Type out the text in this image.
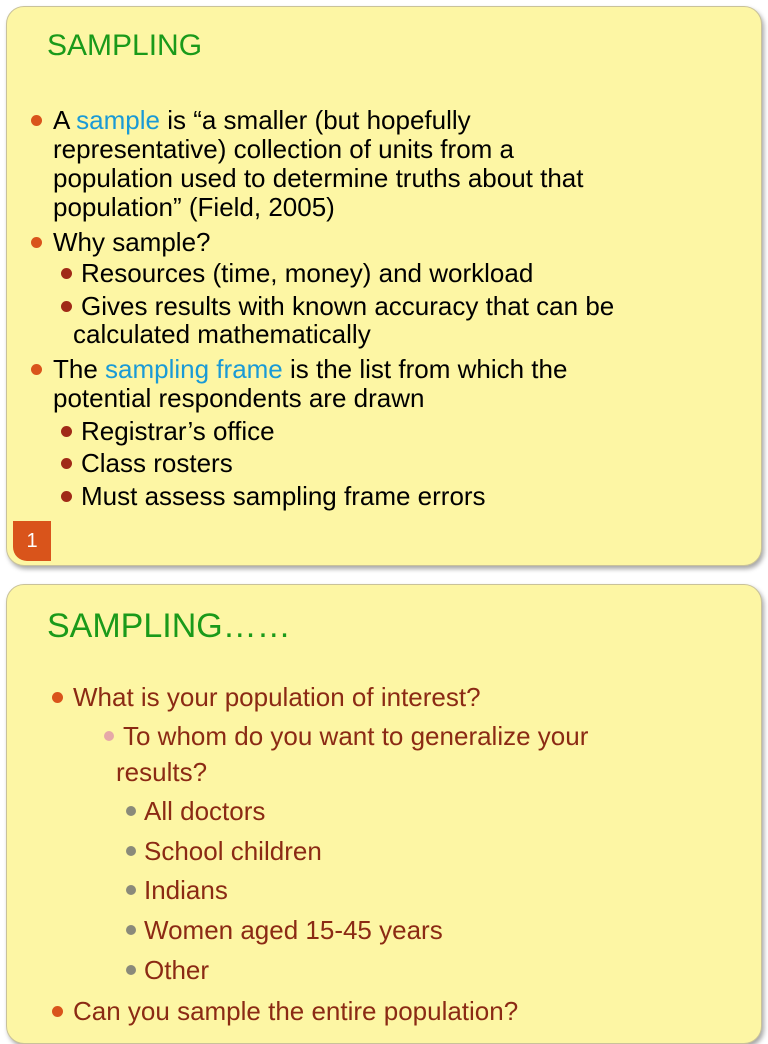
SAMPLING
A sample is “a smaller (but hopefully
representative) collection of units from a
population used to determine truths about that
population” (Field, 2005)
Why sample?
Resources (time, money) and workload
Gives results with known accuracy that can be
calculated mathematically
The sampling frame is the list from which the
potential respondents are drawn
Registrar’s office
Class rosters
Must assess sampling frame errors
1
SAMPLING……
What is your population of interest?
To whom do you want to generalize your
results?
All doctors
School children
Indians
Women aged 15-45 years
Other
Can you sample the entire population?
